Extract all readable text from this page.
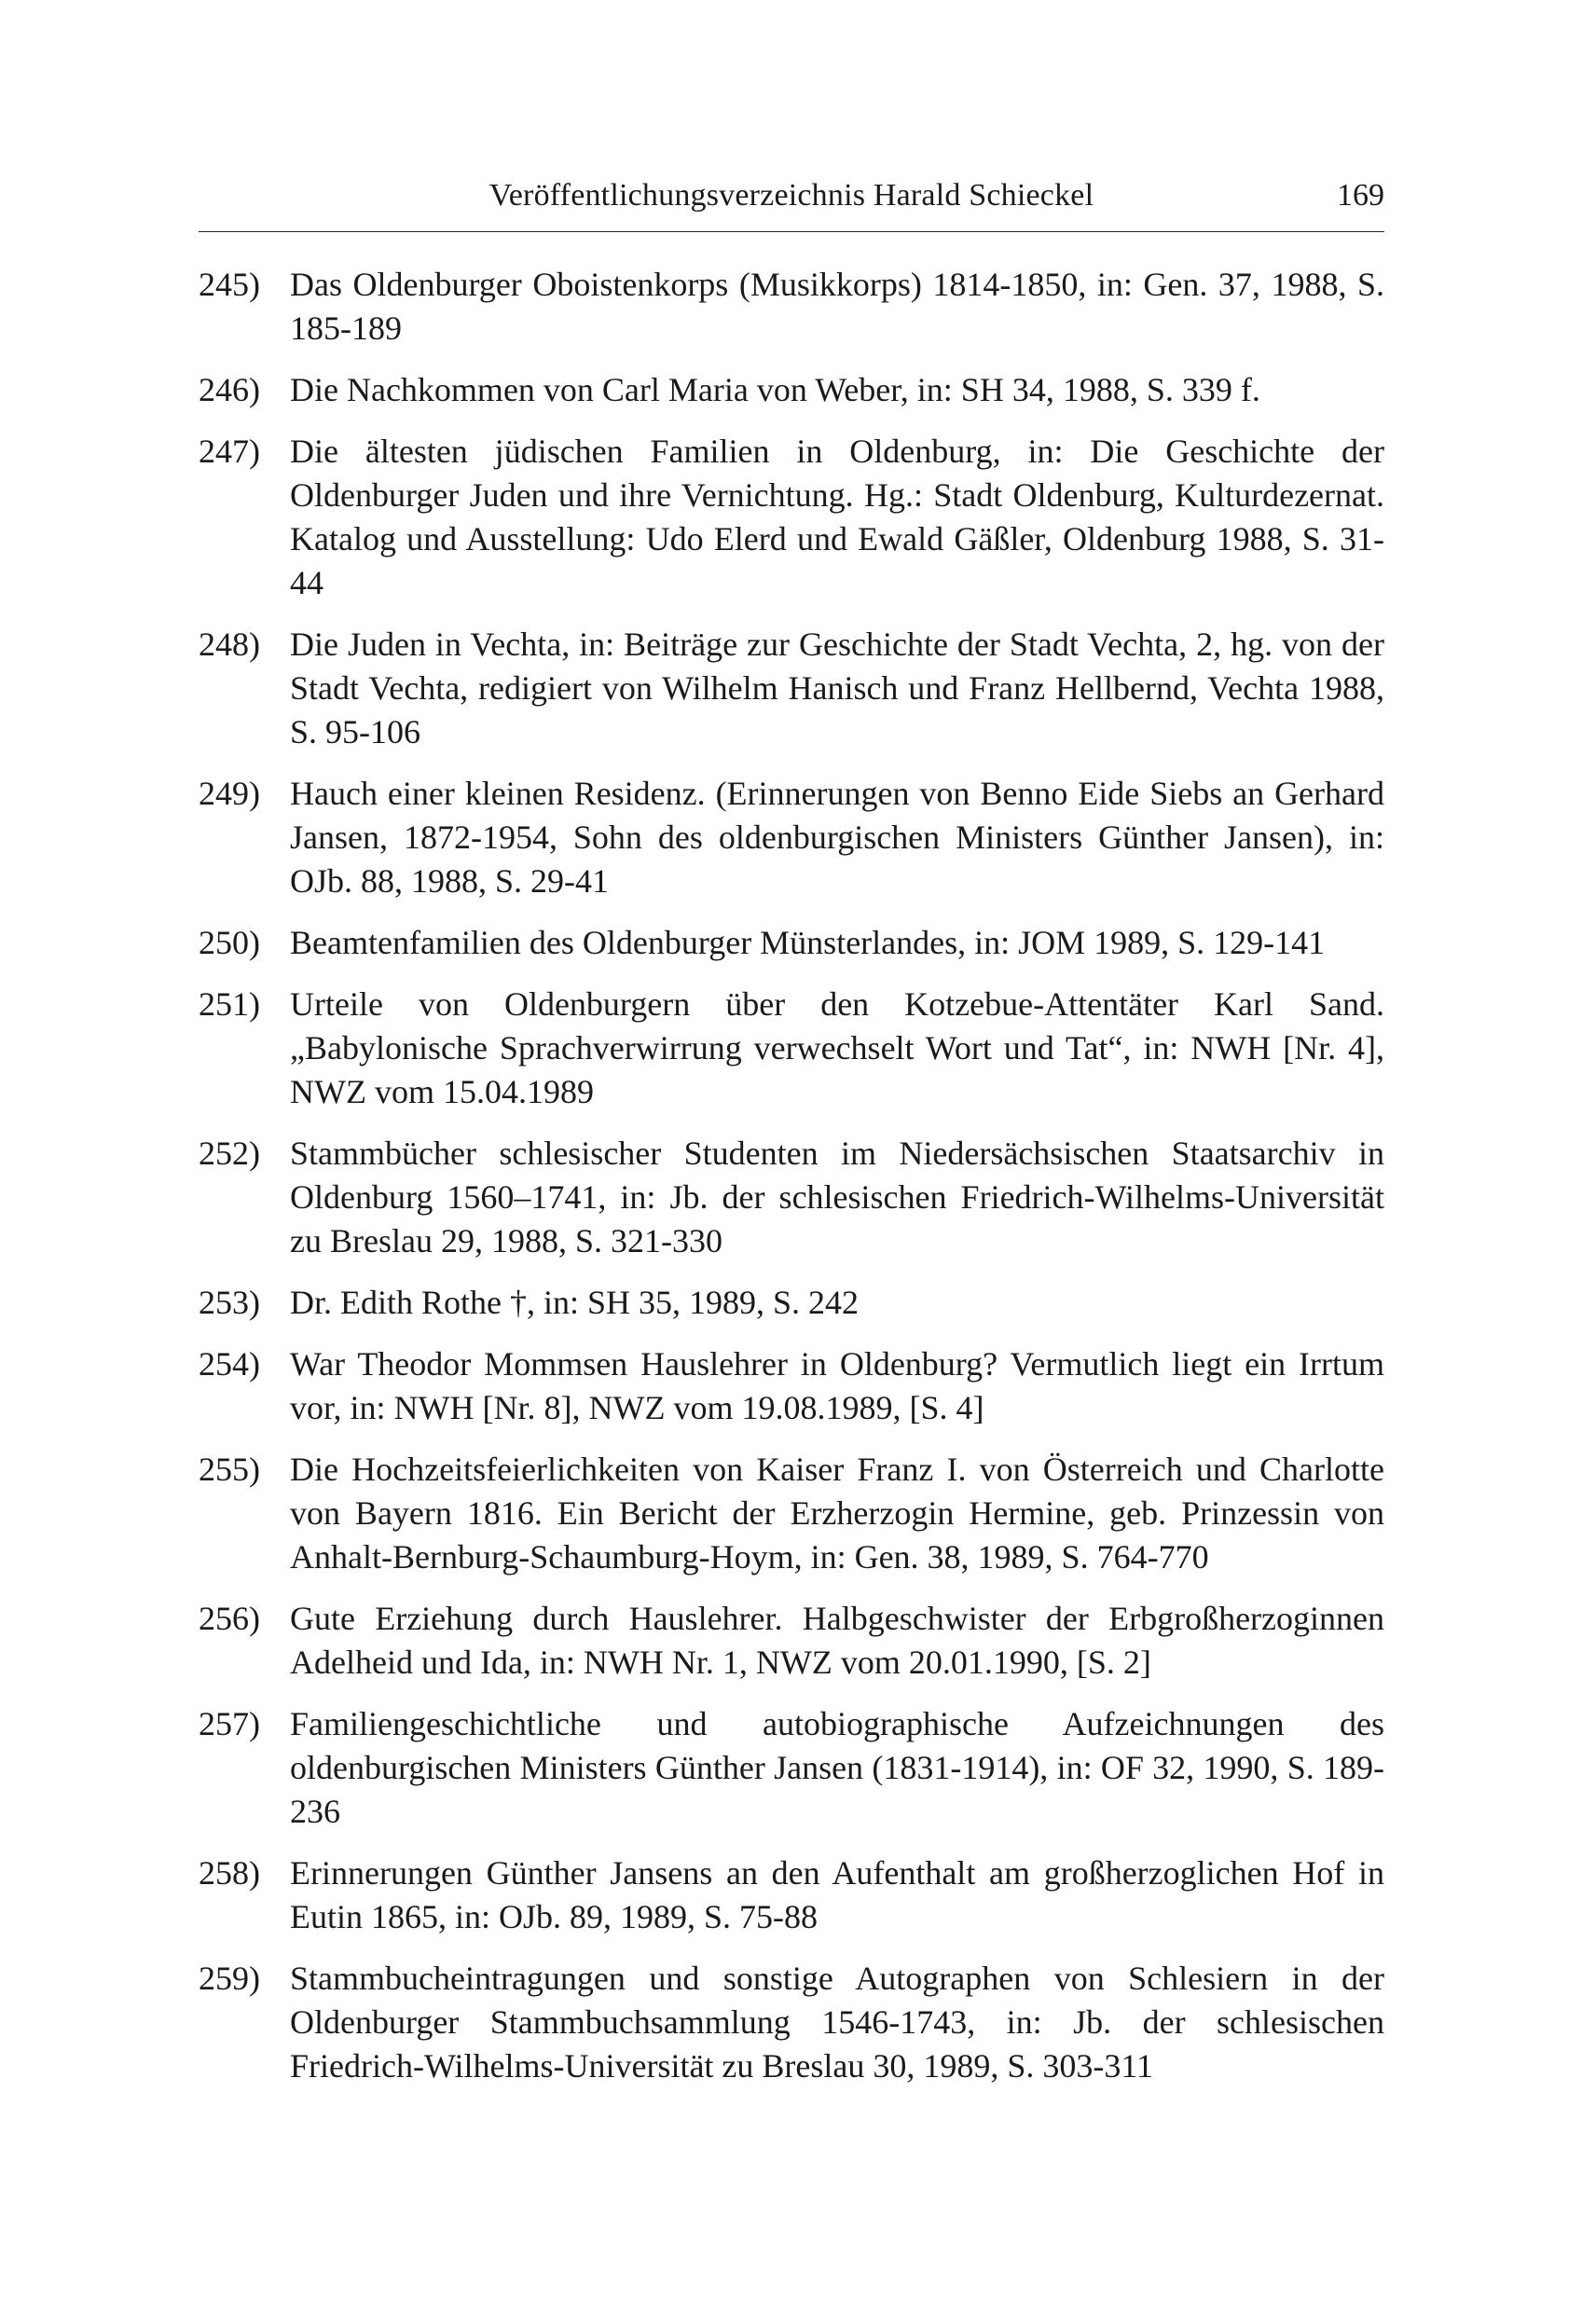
Veröffentlichungsverzeichnis Harald Schieckel	169
245) Das Oldenburger Oboistenkorps (Musikkorps) 1814-1850, in: Gen. 37, 1988, S. 185-189
246) Die Nachkommen von Carl Maria von Weber, in: SH 34, 1988, S. 339 f.
247) Die ältesten jüdischen Familien in Oldenburg, in: Die Geschichte der Oldenburger Juden und ihre Vernichtung. Hg.: Stadt Oldenburg, Kulturdezernat. Katalog und Ausstellung: Udo Elerd und Ewald Gäßler, Oldenburg 1988, S. 31-44
248) Die Juden in Vechta, in: Beiträge zur Geschichte der Stadt Vechta, 2, hg. von der Stadt Vechta, redigiert von Wilhelm Hanisch und Franz Hellbernd, Vechta 1988, S. 95-106
249) Hauch einer kleinen Residenz. (Erinnerungen von Benno Eide Siebs an Gerhard Jansen, 1872-1954, Sohn des oldenburgischen Ministers Günther Jansen), in: OJb. 88, 1988, S. 29-41
250) Beamtenfamilien des Oldenburger Münsterlandes, in: JOM 1989, S. 129-141
251) Urteile von Oldenburgern über den Kotzebue-Attentäter Karl Sand. „Babylonische Sprachverwirrung verwechselt Wort und Tat“, in: NWH [Nr. 4], NWZ vom 15.04.1989
252) Stammbücher schlesischer Studenten im Niedersächsischen Staatsarchiv in Oldenburg 1560–1741, in: Jb. der schlesischen Friedrich-Wilhelms-Universität zu Breslau 29, 1988, S. 321-330
253) Dr. Edith Rothe †, in: SH 35, 1989, S. 242
254) War Theodor Mommsen Hauslehrer in Oldenburg? Vermutlich liegt ein Irrtum vor, in: NWH [Nr. 8], NWZ vom 19.08.1989, [S. 4]
255) Die Hochzeitsfeierlichkeiten von Kaiser Franz I. von Österreich und Charlotte von Bayern 1816. Ein Bericht der Erzherzogin Hermine, geb. Prinzessin von Anhalt-Bernburg-Schaumburg-Hoym, in: Gen. 38, 1989, S. 764-770
256) Gute Erziehung durch Hauslehrer. Halbgeschwister der Erbgroßherzoginnen Adelheid und Ida, in: NWH Nr. 1, NWZ vom 20.01.1990, [S. 2]
257) Familiengeschichtliche und autobiographische Aufzeichnungen des oldenburgischen Ministers Günther Jansen (1831-1914), in: OF 32, 1990, S. 189-236
258) Erinnerungen Günther Jansens an den Aufenthalt am großherzoglichen Hof in Eutin 1865, in: OJb. 89, 1989, S. 75-88
259) Stammbucheintragungen und sonstige Autographen von Schlesiern in der Oldenburger Stammbuchsammlung 1546-1743, in: Jb. der schlesischen Friedrich-Wilhelms-Universität zu Breslau 30, 1989, S. 303-311
